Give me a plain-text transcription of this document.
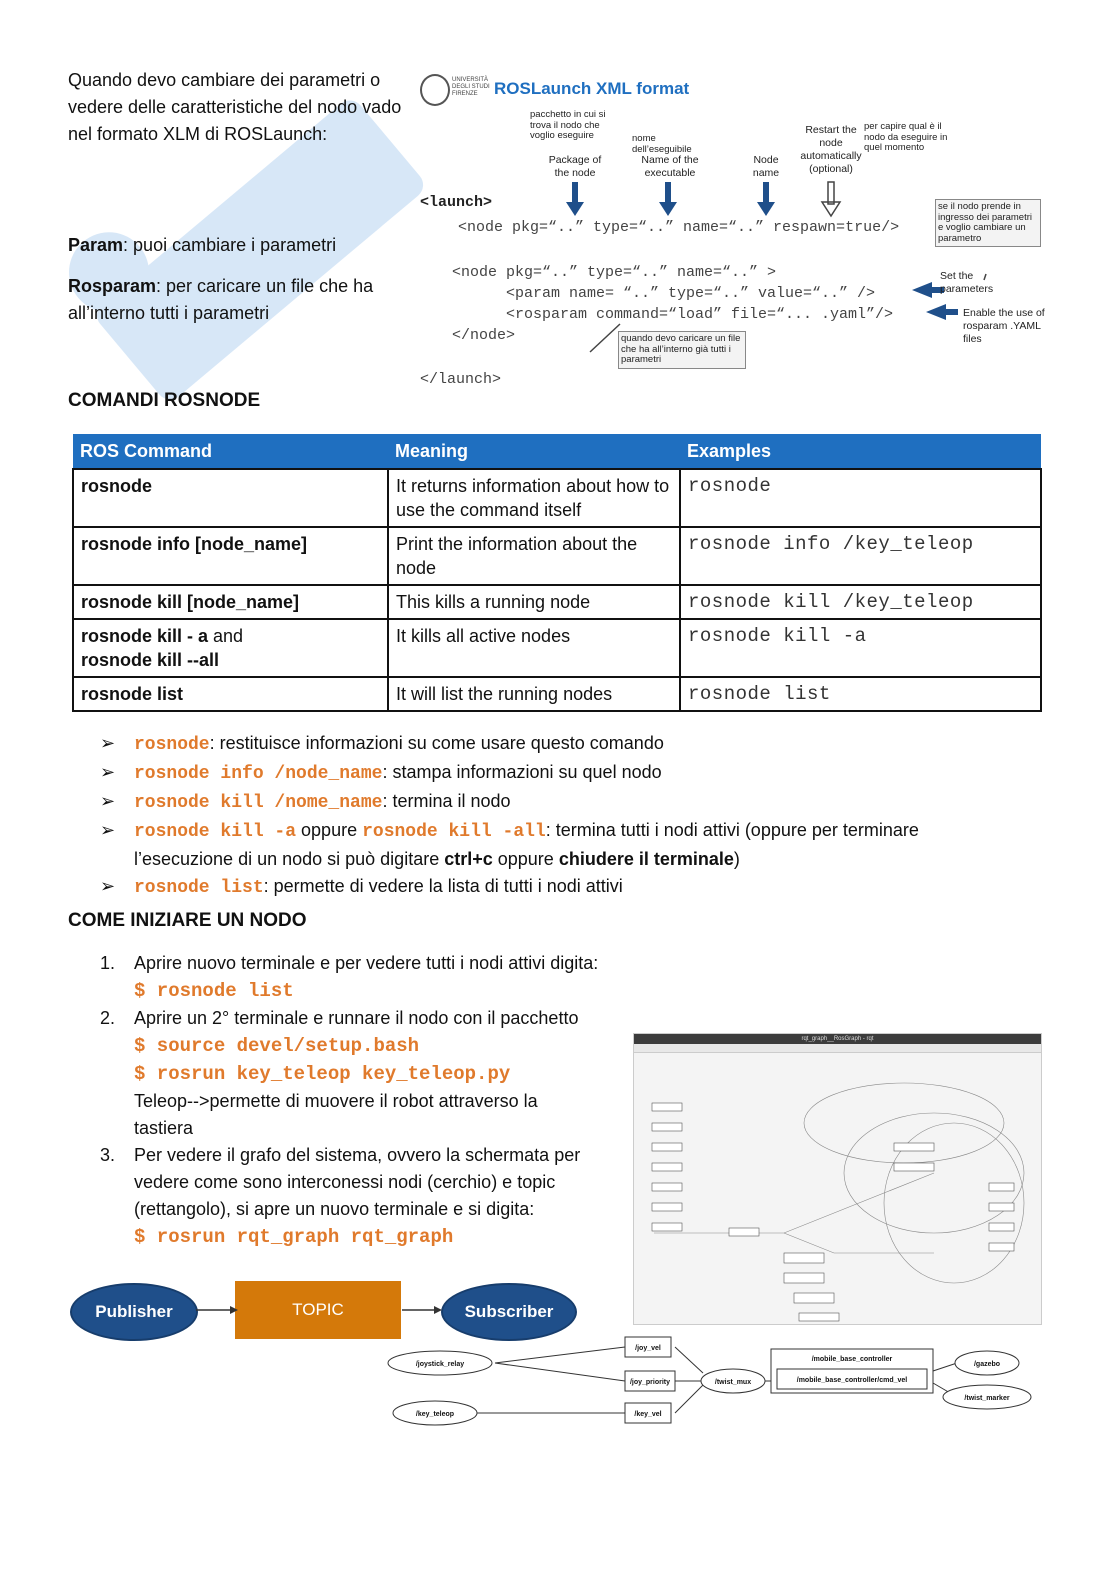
Quando devo cambiare dei parametri o vedere delle caratteristiche del nodo vado nel formato XLM di ROSLaunch:
Param: puoi cambiare i parametri
Rosparam: per caricare un file che ha all’interno tutti i parametri
UNIVERSITÀ DEGLI STUDI FIRENZE ROSLaunch XML format
pacchetto in cui si trova il nodo che voglio eseguire
Package of the node
nome dell’eseguibile
Name of the executable
Node name
Restart the node automatically (optional)
per capire qual è il nodo da eseguire in quel momento
<launch>
<node pkg=“..” type=“..” name=“..” respawn=true/>
se il nodo prende in ingresso dei parametri e voglio cambiare un parametro
<node pkg=“..” type=“..” name=“..” >
<param name= “..” type=“..” value=“..” />
<rosparam command=“load” file=“... .yaml”/>
</node>
</launch>
Set the parameters
Enable the use of rosparam .YAML files
quando devo caricare un file che ha all’interno già tutti i parametri
COMANDI ROSNODE
ROS Command	Meaning	Examples
rosnode	It returns information about how to use the command itself	rosnode
rosnode info [node_name]	Print the information about the node	rosnode info /key_teleop
rosnode kill [node_name]	This kills a running node	rosnode kill /key_teleop
rosnode kill - a and
rosnode kill --all	It kills all active nodes	rosnode kill -a
rosnode list	It will list the running nodes	rosnode list
➢ rosnode: restituisce informazioni su come usare questo comando
➢ rosnode info /node_name: stampa informazioni su quel nodo
➢ rosnode kill /nome_name: termina il nodo
➢ rosnode kill -a oppure rosnode kill -all: termina tutti i nodi attivi (oppure per terminare l’esecuzione di un nodo si può digitare ctrl+c oppure chiudere il terminale)
➢ rosnode list: permette di vedere la lista di tutti i nodi attivi
COME INIZIARE UN NODO
1. Aprire nuovo terminale e per vedere tutti i nodi attivi digita:
$ rosnode list
2. Aprire un 2° terminale e runnare il nodo con il pacchetto
$ source devel/setup.bash
$ rosrun key_teleop key_teleop.py
Teleop-->permette di muovere il robot attraverso la tastiera
3. Per vedere il grafo del sistema, ovvero la schermata per vedere come sono interconessi nodi (cerchio) e topic (rettangolo), si apre un nuovo terminale e si digita:
$ rosrun rqt_graph rqt_graph
rqt_graph__RosGraph - rqt
Publisher	TOPIC	Subscriber
/joystick_relay
/key_teleop
/twist_mux
/gazebo
/twist_marker
/joy_vel
/joy_priority
/key_vel
/mobile_base_controller
/mobile_base_controller/cmd_vel
